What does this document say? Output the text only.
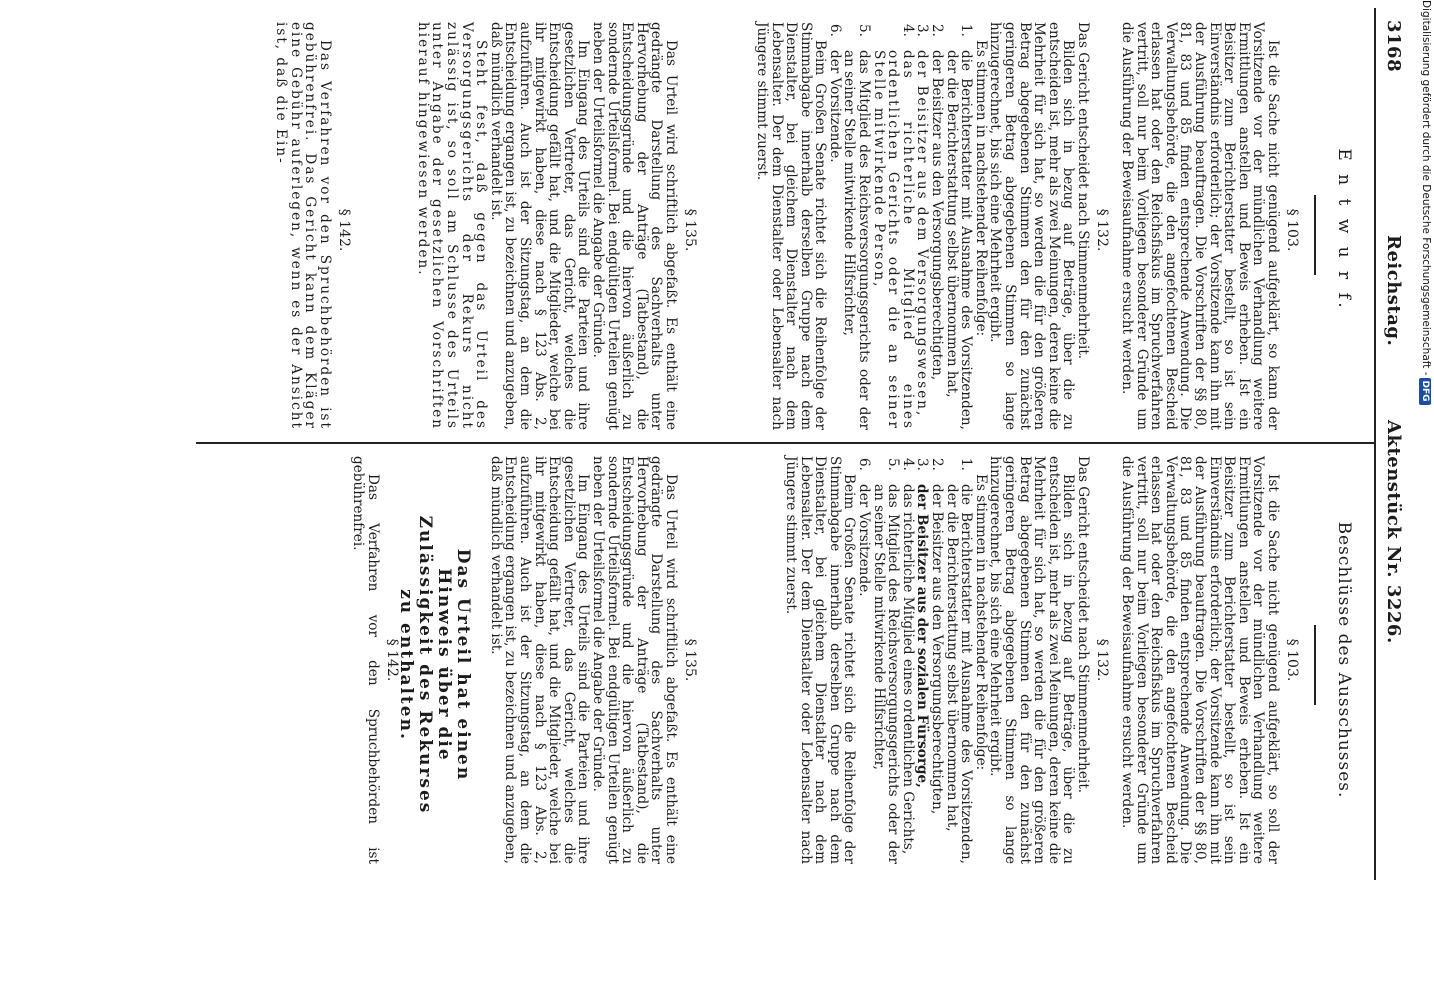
3168
Reichstag.
Aktenstück Nr. 3226.
E n t w u r f.
§ 103.

Ist die Sache nicht genügend aufgeklärt, so kann der Vorsitzende vor der mündlichen Verhandlung weitere Ermittlungen anstellen und Beweis erheben. Ist ein Beisitzer zum Berichterstatter bestellt, so ist sein Einverständnis erforderlich; der Vorsitzende kann ihn mit der Ausführung beauftragen. Die Vorschriften der §§ 80, 81, 83 und 85 finden entsprechende Anwendung. Die Verwaltungsbehörde, die den angefochtenen Bescheid erlassen hat oder den Reichsfiskus im Spruchverfahren vertritt, soll nur beim Vorliegen besonderer Gründe um die Ausführung der Beweisaufnahme ersucht werden.

§ 132.

Das Gericht entscheidet nach Stimmenmehrheit.

Bilden sich in bezug auf Beträge, über die zu entscheiden ist, mehr als zwei Meinungen, deren keine die Mehrheit für sich hat, so werden die für den größeren Betrag abgegebenen Stimmen den für den zunächst geringeren Betrag abgegebenen Stimmen so lange hinzugerechnet, bis sich eine Mehrheit ergibt.

Es stimmen in nachstehender Reihenfolge:

1.
die Berichterstatter mit Ausnahme des Vorsitzenden, der die Berichterstattung selbst übernommen hat,
2.
der Beisitzer aus den Versorgungsberechtigten,
3.
der Beisitzer aus dem Versorgungswesen,
4.
das richterliche Mitglied eines ordentlichen Gerichts oder die an seiner Stelle mitwirkende Person,
5.
das Mitglied des Reichsversorgungsgerichts oder der an seiner Stelle mitwirkende Hilfsrichter,
6.
der Vorsitzende.

Beim Großen Senate richtet sich die Reihenfolge der Stimmabgabe innerhalb derselben Gruppe nach dem Dienstalter, bei gleichem Dienstalter nach dem Lebensalter. Der dem Dienstalter oder Lebensalter nach Jüngere stimmt zuerst.

§ 135.

Das Urteil wird schriftlich abgefaßt. Es enthält eine gedrängte Darstellung des Sachverhalts unter Hervorhebung der Anträge (Tatbestand), die Entscheidungsgründe und die hiervon äußerlich zu sondernde Urteilsformel. Bei endgültigen Urteilen genügt neben der Urteilsformel die Angabe der Gründe.

Im Eingang des Urteils sind die Parteien und ihre gesetzlichen Vertreter, das Gericht, welches die Entscheidung gefällt hat, und die Mitglieder, welche bei ihr mitgewirkt haben, diese nach § 123 Abs. 2, aufzuführen. Auch ist der Sitzungstag, an dem die Entscheidung ergangen ist, zu bezeichnen und anzugeben, daß mündlich verhandelt ist.

Steht fest, daß gegen das Urteil des Versorgungsgerichts der Rekurs nicht zulässig ist, so soll am Schlusse des Urteils unter Angabe der gesetzlichen Vorschriften hierauf hingewiesen werden.

§ 142.

Das Verfahren vor den Spruchbehörden ist gebührenfrei. Das Gericht kann dem Kläger eine Gebühr auferlegen, wenn es der Ansicht ist, daß die Ein-

Beschlüsse des Ausschusses.
§ 103.

Ist die Sache nicht genügend aufgeklärt, so soll der Vorsitzende vor der mündlichen Verhandlung weitere Ermittlungen anstellen und Beweis erheben. Ist ein Beisitzer zum Berichterstatter bestellt, so ist sein Einverständnis erforderlich; der Vorsitzende kann ihn mit der Ausführung beauftragen. Die Vorschriften der §§ 80, 81, 83 und 85 finden entsprechende Anwendung. Die Verwaltungsbehörde, die den angefochtenen Bescheid erlassen hat oder den Reichsfiskus im Spruchverfahren vertritt, soll nur beim Vorliegen besonderer Gründe um die Ausführung der Beweisaufnahme ersucht werden.

§ 132.

Das Gericht entscheidet nach Stimmenmehrheit.

Bilden sich in bezug auf Beträge, über die zu entscheiden ist, mehr als zwei Meinungen, deren keine die Mehrheit für sich hat, so werden die für den größeren Betrag abgegebenen Stimmen den für den zunächst geringeren Betrag abgegebenen Stimmen so lange hinzugerechnet, bis sich eine Mehrheit ergibt.

Es stimmen in nachstehender Reihenfolge:

1.
die Berichterstatter mit Ausnahme des Vorsitzenden, der die Berichterstattung selbst übernommen hat,
2.
der Beisitzer aus den Versorgungsberechtigten,
3.
der Beisitzer aus der sozialen Fürsorge,
4.
das richterliche Mitglied eines ordentlichen Gerichts,
5.
das Mitglied des Reichsversorgungsgerichts oder der an seiner Stelle mitwirkende Hilfsrichter,
6.
der Vorsitzende.

Beim Großen Senate richtet sich die Reihenfolge der Stimmabgabe innerhalb derselben Gruppe nach dem Dienstalter, bei gleichem Dienstalter nach dem Lebensalter. Der dem Dienstalter oder Lebensalter nach Jüngere stimmt zuerst.

§ 135.

Das Urteil wird schriftlich abgefaßt. Es enthält eine gedrängte Darstellung des Sachverhalts unter Hervorhebung der Anträge (Tatbestand), die Entscheidungsgründe und die hiervon äußerlich zu sondernde Urteilsformel. Bei endgültigen Urteilen genügt neben der Urteilsformel die Angabe der Gründe.

Im Eingang des Urteils sind die Parteien und ihre gesetzlichen Vertreter, das Gericht, welches die Entscheidung gefällt hat, und die Mitglieder, welche bei ihr mitgewirkt haben, diese nach § 123 Abs. 2, aufzuführen. Auch ist der Sitzungstag, an dem die Entscheidung ergangen ist, zu bezeichnen und anzugeben, daß mündlich verhandelt ist.

Das Urteil hat einen Hinweis über die Zulässigkeit des Rekurses zu enthalten.

§ 142.

Das Verfahren vor den Spruchbehörden ist gebührenfrei.

Digitalisierung gefördert durch die Deutsche Forschungsgemeinschaft -DFG
